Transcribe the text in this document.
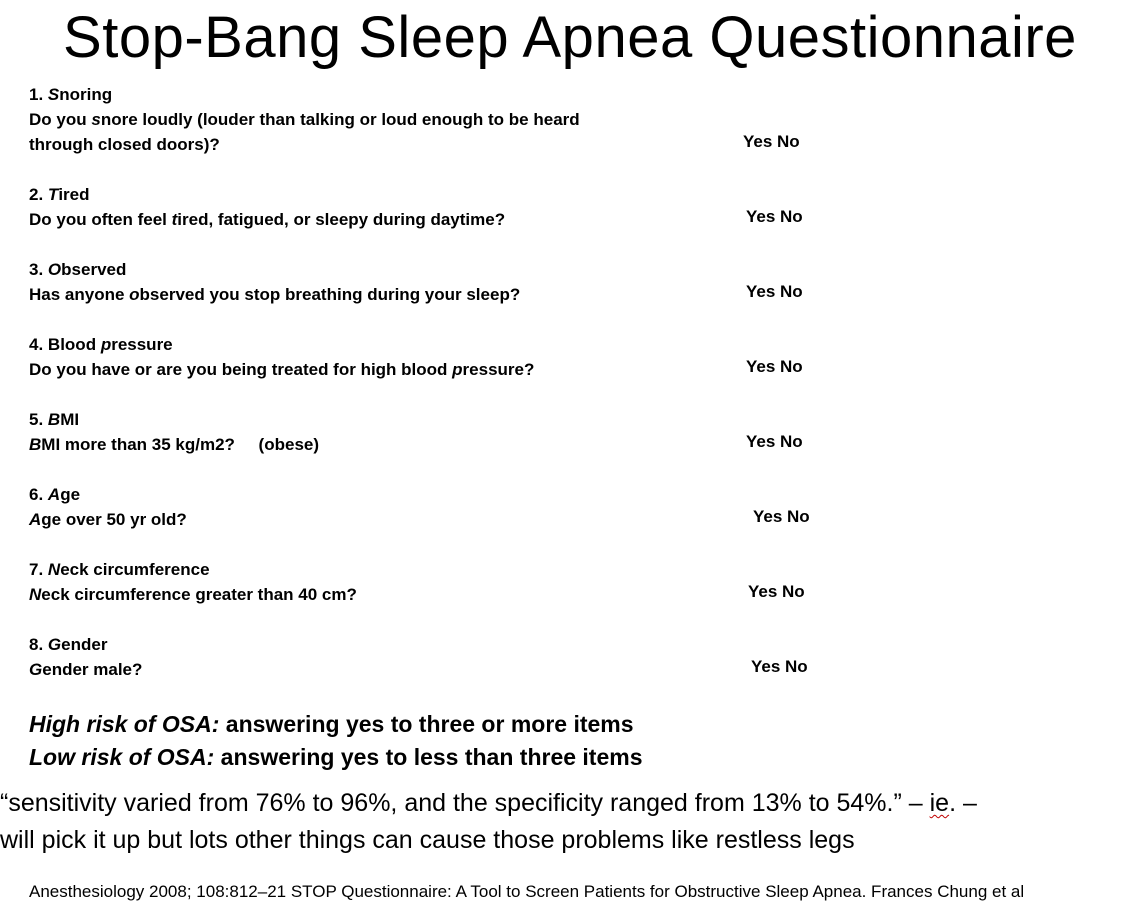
Stop-Bang Sleep Apnea Questionnaire
1. Snoring
Do you snore loudly (louder than talking or loud enough to be heard
through closed doors)?	Yes No
2. Tired
Do you often feel tired, fatigued, or sleepy during daytime?	Yes No
3. Observed
Has anyone observed you stop breathing during your sleep?	Yes No
4. Blood pressure
Do you have or are you being treated for high blood pressure?	Yes No
5. BMI
BMI more than 35 kg/m2?     (obese)	Yes No
6. Age
Age over 50 yr old?	Yes No
7. Neck circumference
Neck circumference greater than 40 cm?	Yes No
8. Gender
Gender male?	Yes No
High risk of OSA: answering yes to three or more items
Low risk of OSA: answering yes to less than three items
“sensitivity varied from 76% to 96%, and the specificity ranged from 13% to 54%.” – ie. –
will pick it up but lots other things can cause those problems like restless legs
Anesthesiology 2008; 108:812–21 STOP Questionnaire: A Tool to Screen Patients for Obstructive Sleep Apnea. Frances Chung et al
